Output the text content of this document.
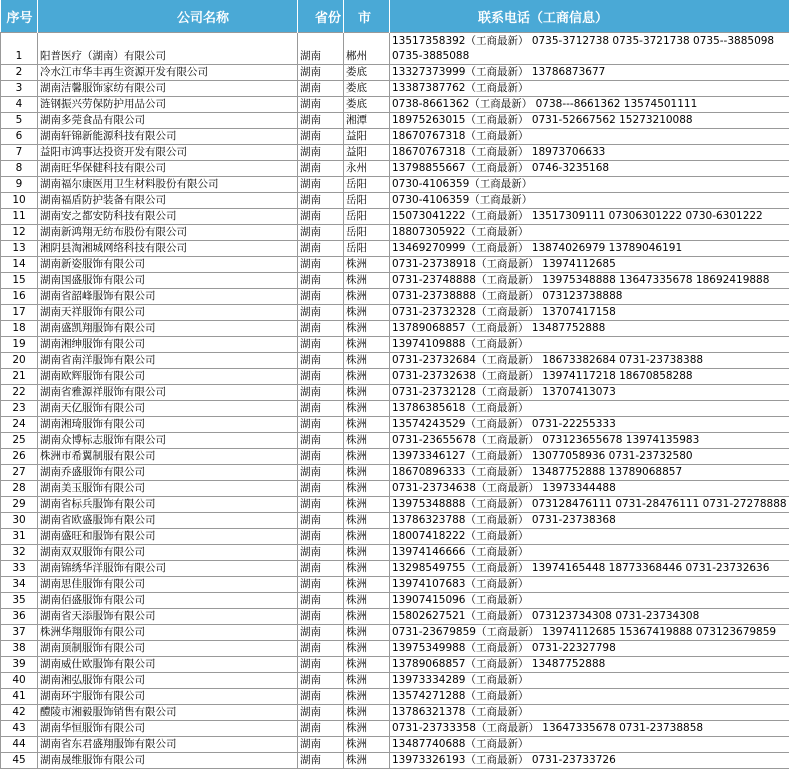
序号	公司名称	省份	市	联系电话（工商信息）
1	阳普医疗（湖南）有限公司	湖南	郴州	13517358392（工商最新） 0735-3712738 0735-3721738 0735--3885098 0735-3885088
2	冷水江市华丰再生资源开发有限公司	湖南	娄底	13327373999（工商最新） 13786873677
3	湖南洁馨服饰家纺有限公司	湖南	娄底	13387387762（工商最新）
4	涟钢振兴劳保防护用品公司	湖南	娄底	0738-8661362（工商最新） 0738---8661362 13574501111
5	湖南多莞食品有限公司	湖南	湘潭	18975263015（工商最新） 0731-52667562 15273210088
6	湖南轩锦新能源科技有限公司	湖南	益阳	18670767318（工商最新）
7	益阳市鸿事达投资开发有限公司	湖南	益阳	18670767318（工商最新） 18973706633
8	湖南旺华保健科技有限公司	湖南	永州	13798855667（工商最新） 0746-3235168
9	湖南福尔康医用卫生材料股份有限公司	湖南	岳阳	0730-4106359（工商最新）
10	湖南福盾防护装备有限公司	湖南	岳阳	0730-4106359（工商最新）
11	湖南安之都安防科技有限公司	湖南	岳阳	15073041222（工商最新） 13517309111 07306301222 0730-6301222
12	湖南新鸿翔无纺布股份有限公司	湖南	岳阳	18807305922（工商最新）
13	湘阴县淘湘城网络科技有限公司	湖南	岳阳	13469270999（工商最新） 13874026979 13789046191
14	湖南新姿服饰有限公司	湖南	株洲	0731-23738918（工商最新） 13974112685
15	湖南国盛服饰有限公司	湖南	株洲	0731-23748888（工商最新） 13975348888 13647335678 18692419888
16	湖南省韶峰服饰有限公司	湖南	株洲	0731-23738888（工商最新） 073123738888
17	湖南天祥服饰有限公司	湖南	株洲	0731-23732328（工商最新） 13707417158
18	湖南盛凯翔服饰有限公司	湖南	株洲	13789068857（工商最新） 13487752888
19	湖南湘绅服饰有限公司	湖南	株洲	13974109888（工商最新）
20	湖南省南洋服饰有限公司	湖南	株洲	0731-23732684（工商最新） 18673382684 0731-23738388
21	湖南欧辉服饰有限公司	湖南	株洲	0731-23732638（工商最新） 13974117218 18670858288
22	湖南省雅源祥服饰有限公司	湖南	株洲	0731-23732128（工商最新） 13707413073
23	湖南天亿服饰有限公司	湖南	株洲	13786385618（工商最新）
24	湖南湘琦服饰有限公司	湖南	株洲	13574243529（工商最新） 0731-22255333
25	湖南众博标志服饰有限公司	湖南	株洲	0731-23655678（工商最新） 073123655678 13974135983
26	株洲市希翼制服有限公司	湖南	株洲	13973346127（工商最新） 13077058936 0731-23732580
27	湖南乔盛服饰有限公司	湖南	株洲	18670896333（工商最新） 13487752888 13789068857
28	湖南美玉服饰有限公司	湖南	株洲	0731-23734638（工商最新） 13973344488
29	湖南省标兵服饰有限公司	湖南	株洲	13975348888（工商最新） 073128476111 0731-28476111 0731-27278888
30	湖南省欧盛服饰有限公司	湖南	株洲	13786323788（工商最新） 0731-23738368
31	湖南盛旺和服饰有限公司	湖南	株洲	18007418222（工商最新）
32	湖南双双服饰有限公司	湖南	株洲	13974146666（工商最新）
33	湖南锦绣华洋服饰有限公司	湖南	株洲	13298549755（工商最新） 13974165448 18773368446 0731-23732636
34	湖南思佳服饰有限公司	湖南	株洲	13974107683（工商最新）
35	湖南佰盛服饰有限公司	湖南	株洲	13907415096（工商最新）
36	湖南省天添服饰有限公司	湖南	株洲	15802627521（工商最新） 073123734308 0731-23734308
37	株洲华翔服饰有限公司	湖南	株洲	0731-23679859（工商最新） 13974112685 15367419888 073123679859
38	湖南顶制服饰有限公司	湖南	株洲	13975349988（工商最新） 0731-22327798
39	湖南威仕欧服饰有限公司	湖南	株洲	13789068857（工商最新） 13487752888
40	湖南湘弘服饰有限公司	湖南	株洲	13973334289（工商最新）
41	湖南环宇服饰有限公司	湖南	株洲	13574271288（工商最新）
42	醴陵市湘毅服饰销售有限公司	湖南	株洲	13786321378（工商最新）
43	湖南华恒服饰有限公司	湖南	株洲	0731-23733358（工商最新） 13647335678 0731-23738858
44	湖南省东君盛翔服饰有限公司	湖南	株洲	13487740688（工商最新）
45	湖南晟维服饰有限公司	湖南	株洲	13973326193（工商最新） 0731-23733726
